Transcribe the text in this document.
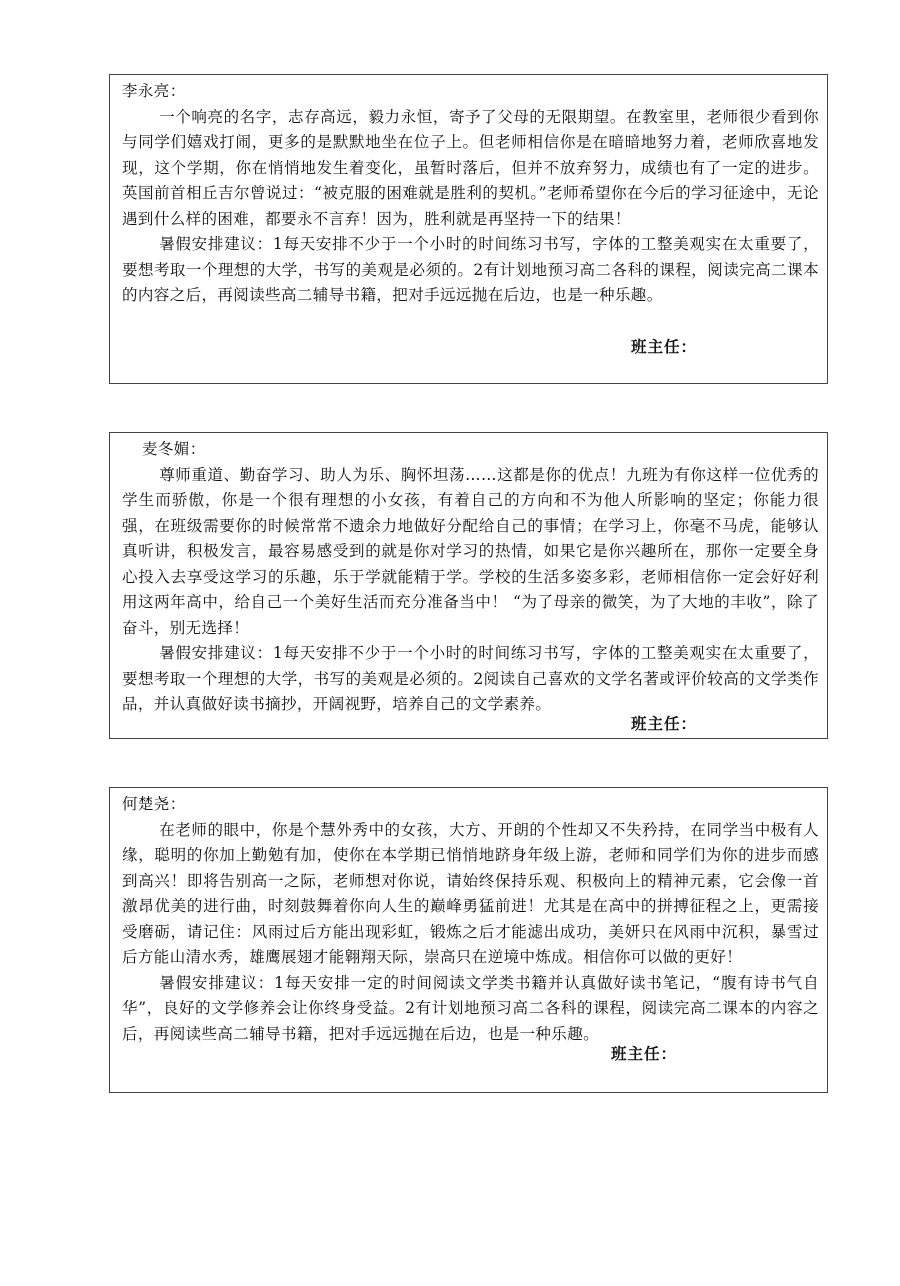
李永亮：

一个响亮的名字，志存高远，毅力永恒，寄予了父母的无限期望。在教室里，老师很少看到你与同学们嬉戏打闹，更多的是默默地坐在位子上。但老师相信你是在暗暗地努力着，老师欣喜地发现，这个学期，你在悄悄地发生着变化，虽暂时落后，但并不放弃努力，成绩也有了一定的进步。英国前首相丘吉尔曾说过：“被克服的困难就是胜利的契机。”老师希望你在今后的学习征途中，无论遇到什么样的困难，都要永不言弃！因为，胜利就是再坚持一下的结果！

暑假安排建议：1每天安排不少于一个小时的时间练习书写，字体的工整美观实在太重要了，要想考取一个理想的大学，书写的美观是必须的。2有计划地预习高二各科的课程，阅读完高二课本的内容之后，再阅读些高二辅导书籍，把对手远远抛在后边，也是一种乐趣。

班主任：
麦冬媚：

尊师重道、勤奋学习、助人为乐、胸怀坦荡……这都是你的优点！九班为有你这样一位优秀的学生而骄傲，你是一个很有理想的小女孩，有着自己的方向和不为他人所影响的坚定；你能力很强，在班级需要你的时候常常不遗余力地做好分配给自己的事情；在学习上，你毫不马虎，能够认真听讲，积极发言，最容易感受到的就是你对学习的热情，如果它是你兴趣所在，那你一定要全身心投入去享受这学习的乐趣，乐于学就能精于学。学校的生活多姿多彩，老师相信你一定会好好利用这两年高中，给自己一个美好生活而充分准备当中！ “为了母亲的微笑，为了大地的丰收”，除了奋斗，别无选择！

暑假安排建议：1每天安排不少于一个小时的时间练习书写，字体的工整美观实在太重要了，要想考取一个理想的大学，书写的美观是必须的。2阅读自己喜欢的文学名著或评价较高的文学类作品，并认真做好读书摘抄，开阔视野，培养自己的文学素养。

班主任：
何楚尧：

在老师的眼中，你是个慧外秀中的女孩，大方、开朗的个性却又不失矜持，在同学当中极有人缘，聪明的你加上勤勉有加，使你在本学期已悄悄地跻身年级上游，老师和同学们为你的进步而感到高兴！即将告别高一之际，老师想对你说，请始终保持乐观、积极向上的精神元素，它会像一首激昂优美的进行曲，时刻鼓舞着你向人生的巅峰勇猛前进！尤其是在高中的拼搏征程之上，更需接受磨砺，请记住：风雨过后方能出现彩虹，锻炼之后才能滤出成功，美妍只在风雨中沉积，暴雪过后方能山清水秀，雄鹰展翅才能翱翔天际，崇高只在逆境中炼成。相信你可以做的更好！

暑假安排建议：1每天安排一定的时间阅读文学类书籍并认真做好读书笔记，“腹有诗书气自华”，良好的文学修养会让你终身受益。2有计划地预习高二各科的课程，阅读完高二课本的内容之后，再阅读些高二辅导书籍，把对手远远抛在后边，也是一种乐趣。

班主任：
